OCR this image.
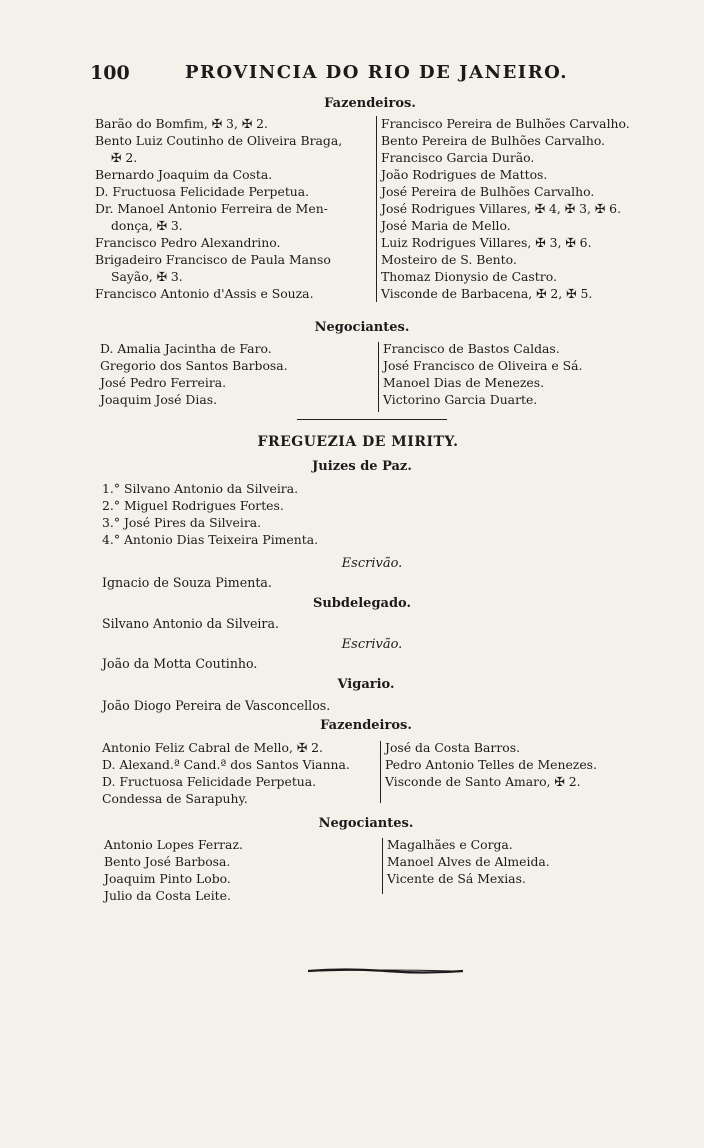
100	PROVINCIA DO RIO DE JANEIRO.
Fazendeiros.
Barão do Bomfim, ✠ 3, ✠ 2.
Bento Luiz Coutinho de Oliveira Braga,
✠ 2.
Bernardo Joaquim da Costa.
D. Fructuosa Felicidade Perpetua.
Dr. Manoel Antonio Ferreira de Men-
donça, ✠ 3.
Francisco Pedro Alexandrino.
Brigadeiro Francisco de Paula Manso
Sayão, ✠ 3.
Francisco Antonio d'Assis e Souza.
Francisco Pereira de Bulhões Carvalho.
Bento Pereira de Bulhões Carvalho.
Francisco Garcia Durão.
João Rodrigues de Mattos.
José Pereira de Bulhões Carvalho.
José Rodrigues Villares, ✠ 4, ✠ 3, ✠ 6.
José Maria de Mello.
Luiz Rodrigues Villares, ✠ 3, ✠ 6.
Mosteiro de S. Bento.
Thomaz Dionysio de Castro.
Visconde de Barbacena, ✠ 2, ✠ 5.
Negociantes.
D. Amalia Jacintha de Faro.
Gregorio dos Santos Barbosa.
José Pedro Ferreira.
Joaquim José Dias.
Francisco de Bastos Caldas.
José Francisco de Oliveira e Sá.
Manoel Dias de Menezes.
Victorino Garcia Duarte.
FREGUEZIA DE MIRITY.
Juizes de Paz.
1.° Silvano Antonio da Silveira.
2.° Miguel Rodrigues Fortes.
3.° José Pires da Silveira.
4.° Antonio Dias Teixeira Pimenta.
Escrivão.
Ignacio de Souza Pimenta.
Subdelegado.
Silvano Antonio da Silveira.
Escrivão.
João da Motta Coutinho.
Vigario.
João Diogo Pereira de Vasconcellos.
Fazendeiros.
Antonio Feliz Cabral de Mello, ✠ 2.
D. Alexand.ª Cand.ª dos Santos Vianna.
D. Fructuosa Felicidade Perpetua.
Condessa de Sarapuhy.
José da Costa Barros.
Pedro Antonio Telles de Menezes.
Visconde de Santo Amaro, ✠ 2.
Negociantes.
Antonio Lopes Ferraz.
Bento José Barbosa.
Joaquim Pinto Lobo.
Julio da Costa Leite.
Magalhães e Corga.
Manoel Alves de Almeida.
Vicente de Sá Mexias.
